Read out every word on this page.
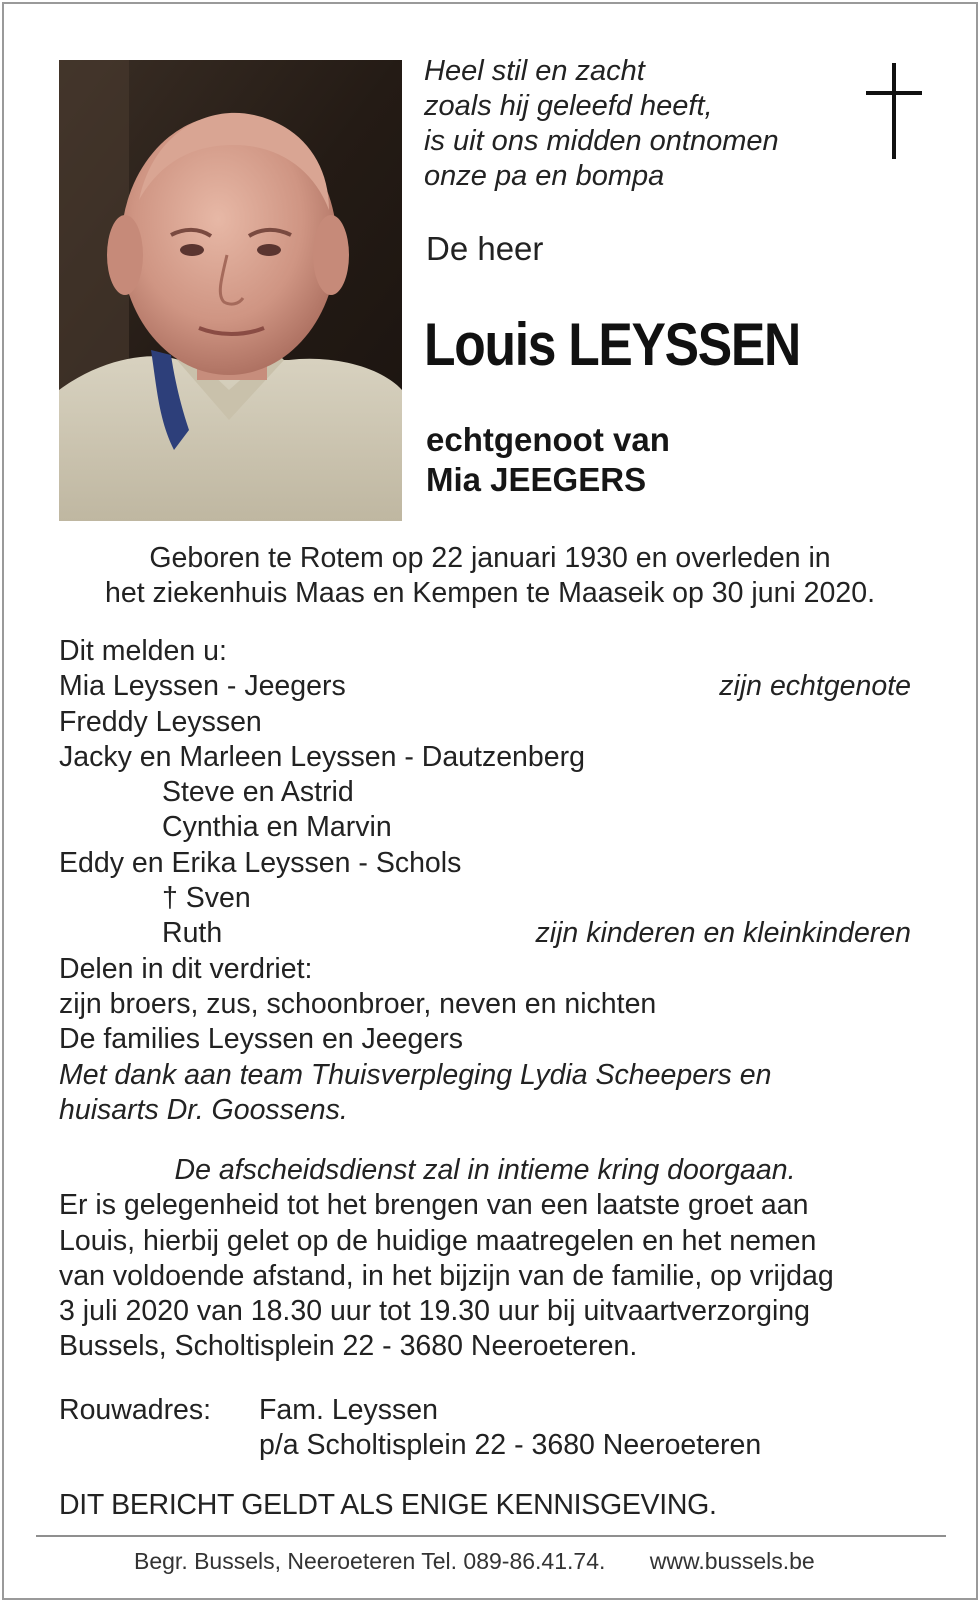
Heel stil en zacht
zoals hij geleefd heeft,
is uit ons midden ontnomen
onze pa en bompa
De heer
Louis LEYSSEN
echtgenoot van
Mia JEEGERS
Geboren te Rotem op 22 januari 1930 en overleden in
het ziekenhuis Maas en Kempen te Maaseik op 30 juni 2020.
Dit melden u:
Mia Leyssen - Jeegers	zijn echtgenote
Freddy Leyssen
Jacky en Marleen Leyssen - Dautzenberg
Steve en Astrid
Cynthia en Marvin
Eddy en Erika Leyssen - Schols
† Sven
Ruth	zijn kinderen en kleinkinderen
Delen in dit verdriet:
zijn broers, zus, schoonbroer, neven en nichten
De families Leyssen en Jeegers
Met dank aan team Thuisverpleging Lydia Scheepers en
huisarts Dr. Goossens.
De afscheidsdienst zal in intieme kring doorgaan.
Er is gelegenheid tot het brengen van een laatste groet aan
Louis, hierbij gelet op de huidige maatregelen en het nemen
van voldoende afstand, in het bijzijn van de familie, op vrijdag
3 juli 2020 van 18.30 uur tot 19.30 uur bij uitvaartverzorging
Bussels, Scholtisplein 22 - 3680 Neeroeteren.
Rouwadres: Fam. Leyssen
p/a Scholtisplein 22 - 3680 Neeroeteren
DIT BERICHT GELDT ALS ENIGE KENNISGEVING.
Begr. Bussels, Neeroeteren Tel. 089-86.41.74. www.bussels.be
